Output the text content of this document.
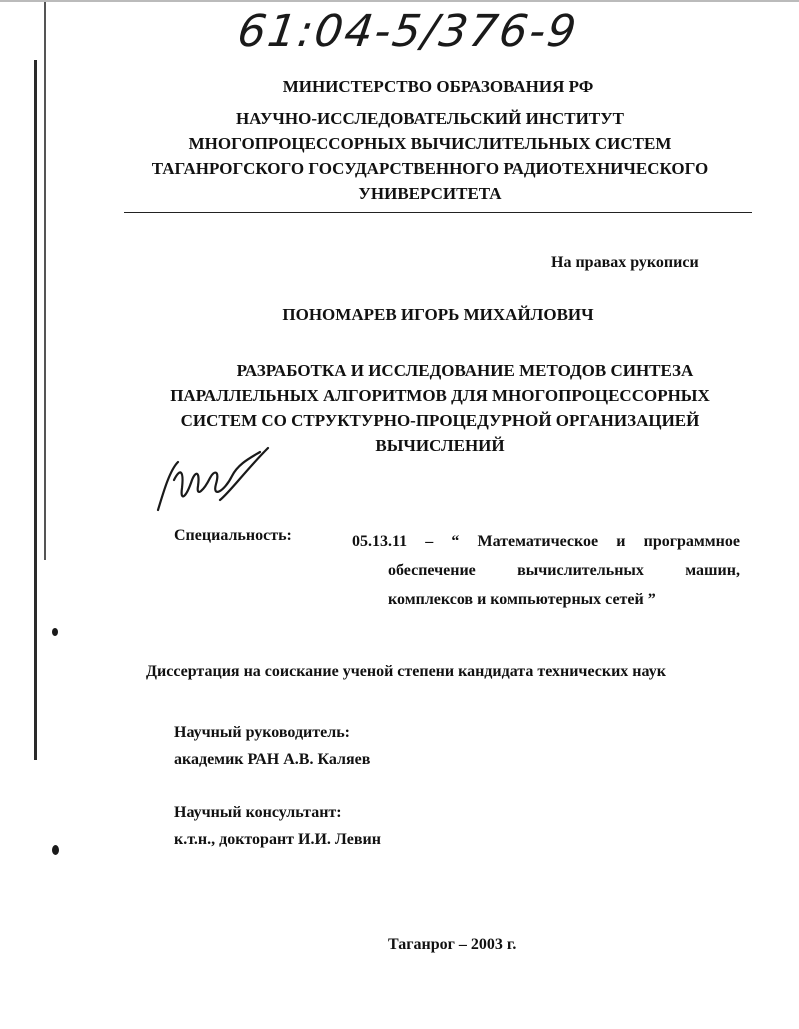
61:04-5/376-9
МИНИСТЕРСТВО ОБРАЗОВАНИЯ РФ
НАУЧНО-ИССЛЕДОВАТЕЛЬСКИЙ ИНСТИТУТ
МНОГОПРОЦЕССОРНЫХ ВЫЧИСЛИТЕЛЬНЫХ СИСТЕМ
ТАГАНРОГСКОГО ГОСУДАРСТВЕННОГО РАДИОТЕХНИЧЕСКОГО
УНИВЕРСИТЕТА
На правах рукописи
ПОНОМАРЕВ ИГОРЬ МИХАЙЛОВИЧ
РАЗРАБОТКА И ИССЛЕДОВАНИЕ МЕТОДОВ СИНТЕЗА
ПАРАЛЛЕЛЬНЫХ АЛГОРИТМОВ ДЛЯ МНОГОПРОЦЕССОРНЫХ
СИСТЕМ СО СТРУКТУРНО-ПРОЦЕДУРНОЙ ОРГАНИЗАЦИЕЙ
ВЫЧИСЛЕНИЙ
Специальность:	05.13.11 – “ Математическое и программное
обеспечение вычислительных машин,
комплексов и компьютерных сетей ”
Диссертация на соискание ученой степени кандидата технических наук
Научный руководитель:
академик РАН А.В. Каляев
Научный консультант:
к.т.н., докторант И.И. Левин
Таганрог – 2003 г.
